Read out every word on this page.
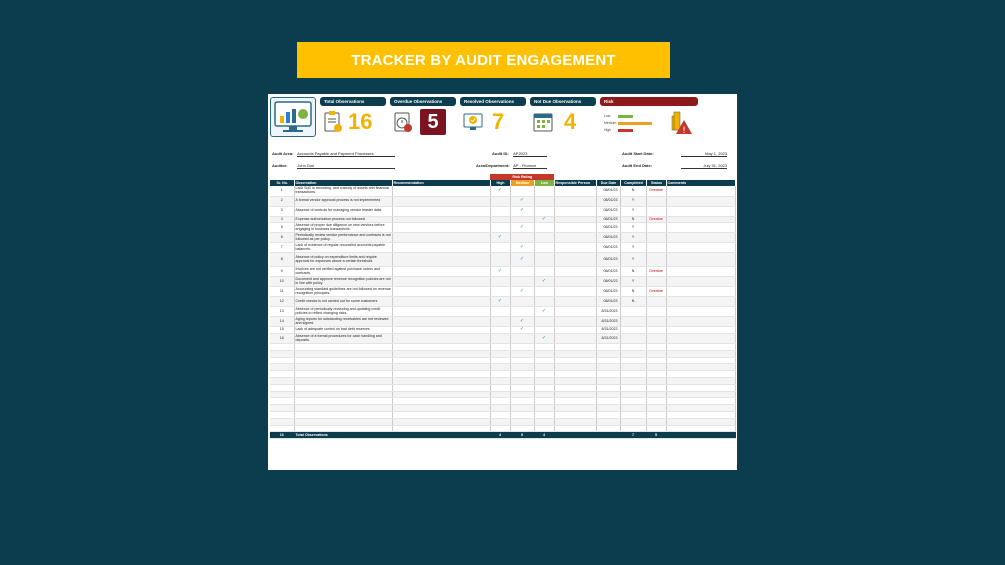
TRACKER BY AUDIT ENGAGEMENT
Total Observations
16
Overdue Observations
5
Resolved Observations
7
Not Due Observations
4
Risk
Low
Medium
High	!
Audit Area: Accounts Payable and Payment Processes	Audit ID: AP2023	Audit Start Date:	May 1, 2023
Auditor: John Doe	Area/Department: AP - Finance	Audit End Date:	July 31, 2023
			Risk Rating							
Sr. No.	Observation	Recommendation	High	Medium	Low	Responsible Person	Due Date	Completed	Status	Comments
1	Lack SoD in recording, and custody of assets and financial transactions.		✓				08/01/23	N	Overdue	
2	A formal vendor approval process is not implemented			✓			08/01/23	Y		
3	Absence of controls for managing vendor master data.			✓			08/01/23	Y		
4	Expense authorization process not followed				✓		08/01/23	N	Overdue	
5	Absence of proper due diligence on new vendors before engaging in business transactions.			✓			08/01/23	Y		
6	Periodically review vendor performance and contracts is not followed as per policy.		✓				08/01/23	Y		
7	Lack of evidence of regular reconciled accounts payable balances.			✓			08/01/23	Y		
8	Absence of policy on expenditure limits and require approval for expenses above a certain threshold.			✓			08/01/23	Y		
9	Invoices are not verified against purchase orders and contracts.		✓				08/01/23	N	Overdue	
10	Document and approve revenue recognition policies are not in line with policy.				✓		08/01/23	Y		
11	Accounting standard guidelines are not followed on revenue recognition principles.			✓			08/01/23	N	Overdue	
12	Credit checks is not carried out for some customers		✓				08/01/23	N		
13	Absence of periodically reviewing and updating credit policies to reflect changing risks.				✓		8/31/2023			
14	Aging reports for outstanding receivables are not reviewed and signed.			✓			8/31/2023			
15	Lack of adequate control on bad debt reserves			✓			8/31/2023			
16	Absence of a formal procedures for cash handling and deposits.				✓		8/31/2023			

16	Total Observations		4	9	4			7	5	
